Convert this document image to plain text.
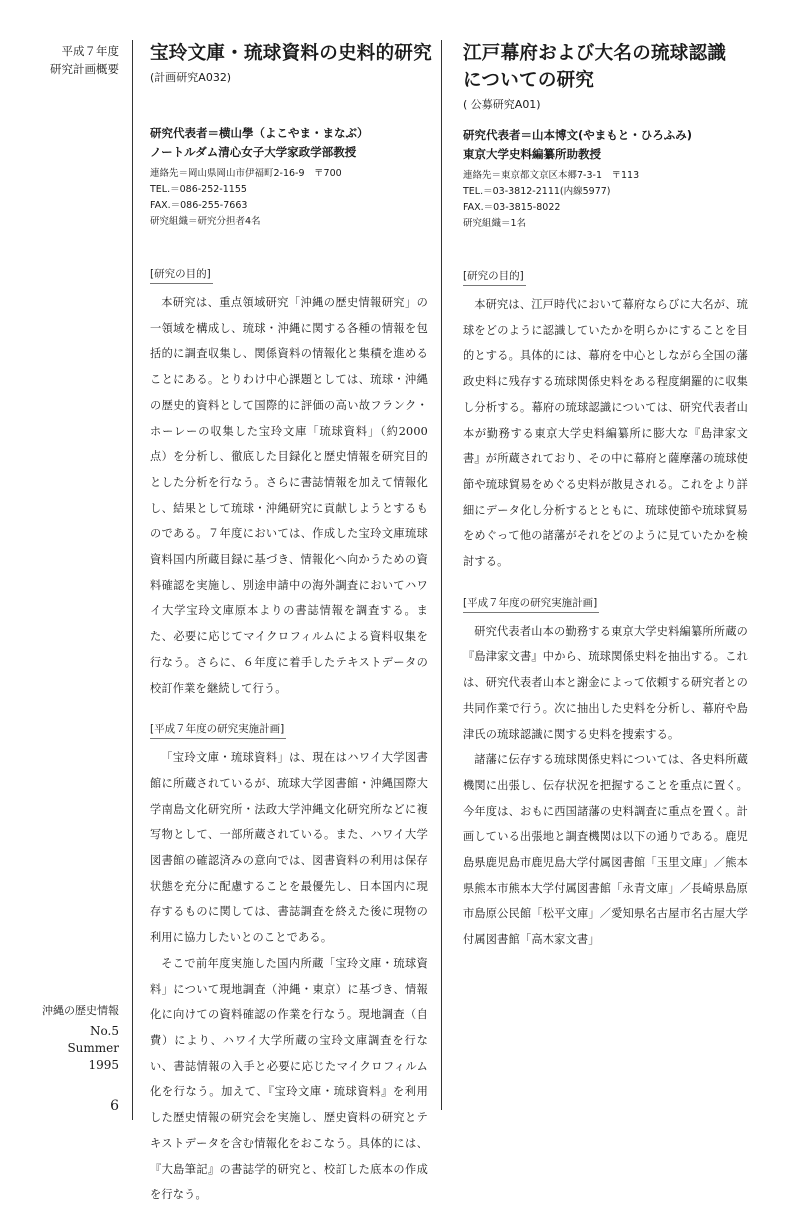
平成７年度
研究計画概要
沖縄の歴史情報
No.5
Summer
1995
6
宝玲文庫・琉球資料の史料的研究
(計画研究A032)
研究代表者＝横山學（よこやま・まなぶ）
ノートルダム清心女子大学家政学部教授
連絡先＝岡山県岡山市伊福町2-16-9　〒700
TEL.＝086-252-1155
FAX.＝086-255-7663
研究組織＝研究分担者4名
[研究の目的]

本研究は、重点領域研究「沖縄の歴史情報研究」の一領域を構成し、琉球・沖縄に関する各種の情報を包括的に調査収集し、関係資料の情報化と集積を進めることにある。とりわけ中心課題としては、琉球・沖縄の歴史的資料として国際的に評価の高い故フランク・ホーレーの収集した宝玲文庫「琉球資料」（約2000点）を分析し、徹底した目録化と歴史情報を研究目的とした分析を行なう。さらに書誌情報を加えて情報化し、結果として琉球・沖縄研究に貢献しようとするものである。７年度においては、作成した宝玲文庫琉球資料国内所蔵目録に基づき、情報化へ向かうための資料確認を実施し、別途申請中の海外調査においてハワイ大学宝玲文庫原本よりの書誌情報を調査する。また、必要に応じてマイクロフィルムによる資料収集を行なう。さらに、６年度に着手したテキストデータの校訂作業を継続して行う。

[平成７年度の研究実施計画]

「宝玲文庫・琉球資料」は、現在はハワイ大学図書館に所蔵されているが、琉球大学図書館・沖縄国際大学南島文化研究所・法政大学沖縄文化研究所などに複写物として、一部所蔵されている。また、ハワイ大学図書館の確認済みの意向では、図書資料の利用は保存状態を充分に配慮することを最優先し、日本国内に現存するものに関しては、書誌調査を終えた後に現物の利用に協力したいとのことである。

そこで前年度実施した国内所蔵「宝玲文庫・琉球資料」について現地調査（沖縄・東京）に基づき、情報化に向けての資料確認の作業を行なう。現地調査（自費）により、ハワイ大学所蔵の宝玲文庫調査を行ない、書誌情報の入手と必要に応じたマイクロフィルム化を行なう。加えて、『宝玲文庫・琉球資料』を利用した歴史情報の研究会を実施し、歴史資料の研究とテキストデータを含む情報化をおこなう。具体的には、『大島筆記』の書誌学的研究と、校訂した底本の作成を行なう。

江戸幕府および大名の琉球認識
についての研究
( 公募研究A01)
研究代表者＝山本博文(やまもと・ひろふみ)
東京大学史料編纂所助教授
連絡先＝東京都文京区本郷7-3-1　〒113
TEL.＝03-3812-2111(内線5977)
FAX.＝03-3815-8022
研究組織＝1名
[研究の目的]

本研究は、江戸時代において幕府ならびに大名が、琉球をどのように認識していたかを明らかにすることを目的とする。具体的には、幕府を中心としながら全国の藩政史料に残存する琉球関係史料をある程度網羅的に収集し分析する。幕府の琉球認識については、研究代表者山本が勤務する東京大学史料編纂所に膨大な『島津家文書』が所蔵されており、その中に幕府と薩摩藩の琉球使節や琉球貿易をめぐる史料が散見される。これをより詳細にデータ化し分析するとともに、琉球使節や琉球貿易をめぐって他の諸藩がそれをどのように見ていたかを検討する。

[平成７年度の研究実施計画]

研究代表者山本の勤務する東京大学史料編纂所所蔵の『島津家文書』中から、琉球関係史料を抽出する。これは、研究代表者山本と謝金によって依頼する研究者との共同作業で行う。次に抽出した史料を分析し、幕府や島津氏の琉球認識に関する史料を捜索する。

諸藩に伝存する琉球関係史料については、各史料所蔵機関に出張し、伝存状況を把握することを重点に置く。今年度は、おもに西国諸藩の史料調査に重点を置く。計画している出張地と調査機関は以下の通りである。鹿児島県鹿児島市鹿児島大学付属図書館「玉里文庫」／熊本県熊本市熊本大学付属図書館「永青文庫」／長崎県島原市島原公民館「松平文庫」／愛知県名古屋市名古屋大学付属図書館「高木家文書」
